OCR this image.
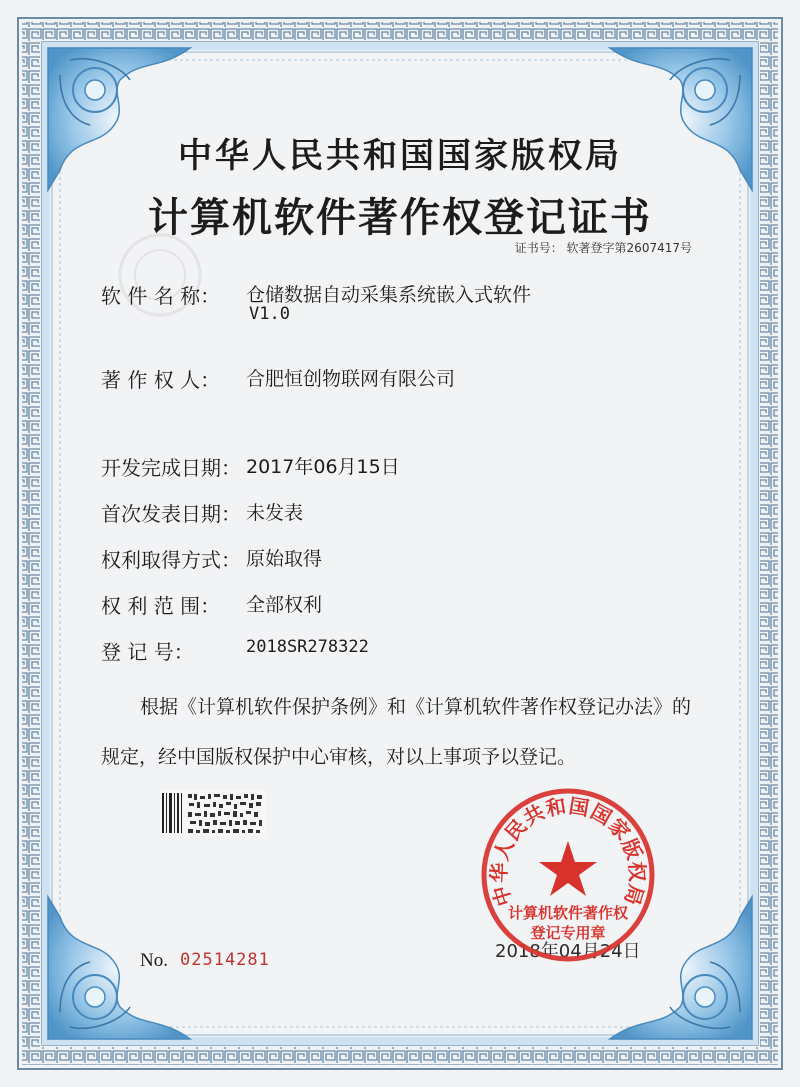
中华人民共和国国家版权局
计算机软件著作权登记证书
证书号： 软著登字第2607417号
软 件 名 称： 仓储数据自动采集系统嵌入式软件
V1.0
著 作 权 人： 合肥恒创物联网有限公司
开发完成日期： 2017年06月15日
首次发表日期： 未发表
权利取得方式： 原始取得
权 利 范 围： 全部权利
登 记 号：	2018SR278322
根据《计算机软件保护条例》和《计算机软件著作权登记办法》的
规定，经中国版权保护中心审核，对以上事项予以登记。
No. 02514281	2018年04月24日
中华人民共和国国家版权局
计算机软件著作权
登记专用章
